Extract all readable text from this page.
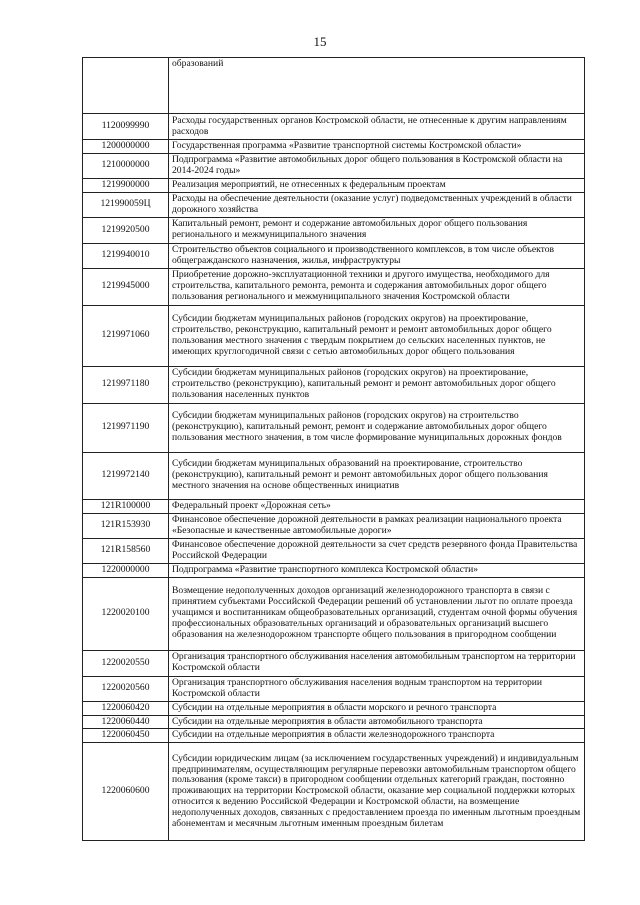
15
	образований
1120099990	Расходы государственных органов Костромской области, не отнесенные к другим направлениям расходов
1200000000	Государственная программа «Развитие транспортной системы Костромской области»
1210000000	Подпрограмма «Развитие автомобильных дорог общего пользования в Костромской области на 2014-2024 годы»
1219900000	Реализация мероприятий, не отнесенных к федеральным проектам
121990059Ц	Расходы на обеспечение деятельности (оказание услуг) подведомственных учреждений в области дорожного хозяйства
1219920500	Капитальный ремонт, ремонт и содержание автомобильных дорог общего пользования регионального и межмуниципального значения
1219940010	Строительство объектов социального и производственного комплексов, в том числе объектов общегражданского назначения, жилья, инфраструктуры
1219945000	Приобретение дорожно-эксплуатационной техники и другого имущества, необходимого для строительства, капитального ремонта, ремонта и содержания автомобильных дорог общего пользования регионального и межмуниципального значения Костромской области
1219971060	Субсидии бюджетам муниципальных районов (городских округов) на проектирование, строительство, реконструкцию, капитальный ремонт и ремонт автомобильных дорог общего пользования местного значения с твердым покрытием до сельских населенных пунктов, не имеющих круглогодичной связи с сетью автомобильных дорог общего пользования
1219971180	Субсидии бюджетам муниципальных районов (городских округов) на проектирование, строительство (реконструкцию), капитальный ремонт и ремонт автомобильных дорог общего пользования населенных пунктов
1219971190	Субсидии бюджетам муниципальных районов (городских округов) на строительство (реконструкцию), капитальный ремонт, ремонт и содержание автомобильных дорог общего пользования местного значения, в том числе формирование муниципальных дорожных фондов
1219972140	Субсидии бюджетам муниципальных образований на проектирование, строительство (реконструкцию), капитальный ремонт и ремонт автомобильных дорог общего пользования местного значения на основе общественных инициатив
121R100000	Федеральный проект «Дорожная сеть»
121R153930	Финансовое обеспечение дорожной деятельности в рамках реализации национального проекта «Безопасные и качественные автомобильные дороги»
121R158560	Финансовое обеспечение дорожной деятельности за счет средств резервного фонда Правительства Российской Федерации
1220000000	Подпрограмма «Развитие транспортного комплекса Костромской области»
1220020100	Возмещение недополученных доходов организаций железнодорожного транспорта в связи с принятием субъектами Российской Федерации решений об установлении льгот по оплате проезда учащимся и воспитанникам общеобразовательных организаций, студентам очной формы обучения профессиональных образовательных организаций и образовательных организаций высшего образования на железнодорожном транспорте общего пользования в пригородном сообщении
1220020550	Организация транспортного обслуживания населения автомобильным транспортом на территории Костромской области
1220020560	Организация транспортного обслуживания населения водным транспортом на территории Костромской области
1220060420	Субсидии на отдельные мероприятия в области морского и речного транспорта
1220060440	Субсидии на отдельные мероприятия в области автомобильного транспорта
1220060450	Субсидии на отдельные мероприятия в области железнодорожного транспорта
1220060600	Субсидии юридическим лицам (за исключением государственных учреждений) и индивидуальным предпринимателям, осуществляющим регулярные перевозки автомобильным транспортом общего пользования (кроме такси) в пригородном сообщении отдельных категорий граждан, постоянно проживающих на территории Костромской области, оказание мер социальной поддержки которых относится к ведению Российской Федерации и Костромской области, на возмещение недополученных доходов, связанных с предоставлением проезда по именным льготным проездным абонементам и месячным льготным именным проездным билетам
